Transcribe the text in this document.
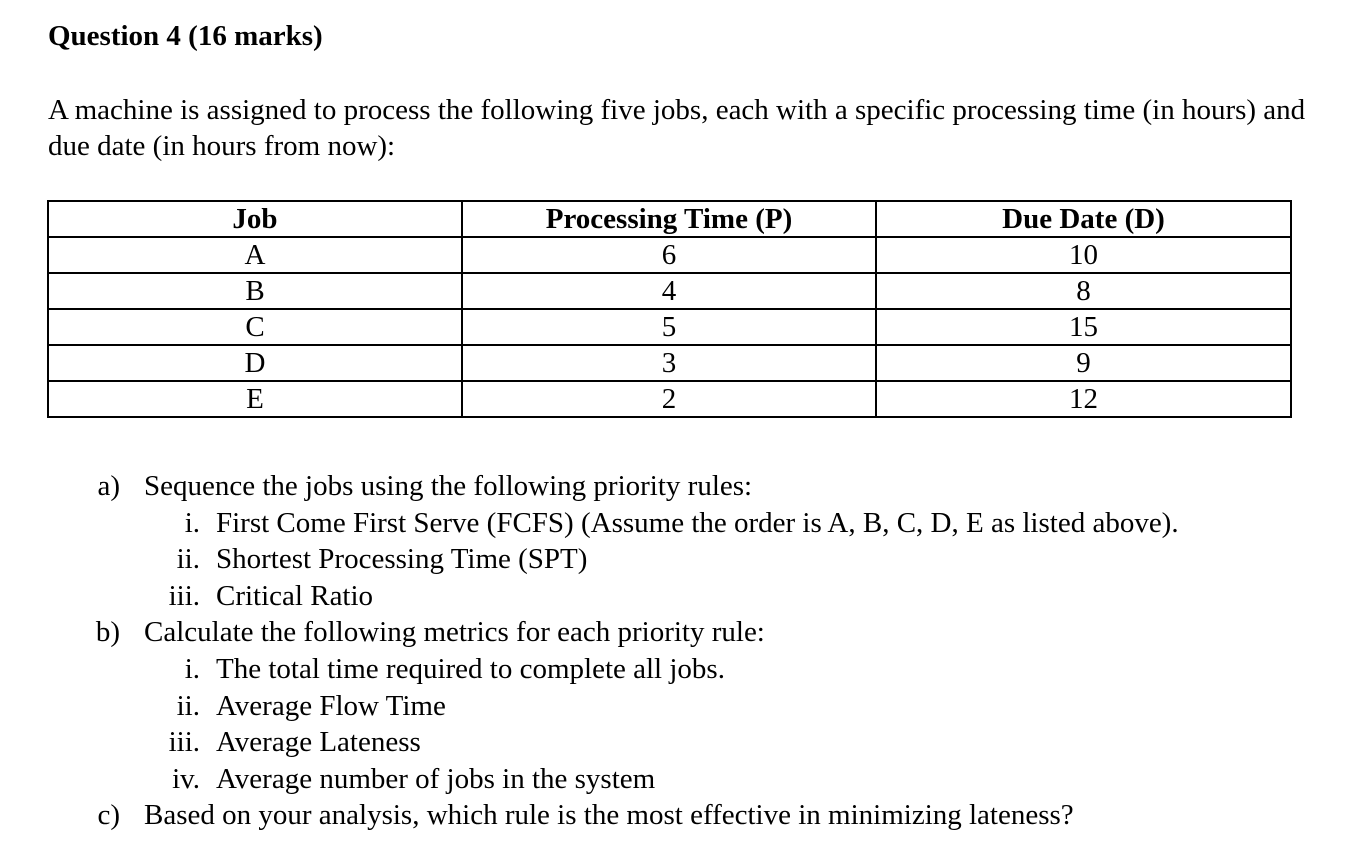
Question 4 (16 marks)
A machine is assigned to process the following five jobs, each with a specific processing time (in hours) and due date (in hours from now):
Job	Processing Time (P)	Due Date (D)
A	6	10
B	4	8
C	5	15
D	3	9
E	2	12
a) Sequence the jobs using the following priority rules:
i. First Come First Serve (FCFS) (Assume the order is A, B, C, D, E as listed above).
ii. Shortest Processing Time (SPT)
iii. Critical Ratio
b) Calculate the following metrics for each priority rule:
i. The total time required to complete all jobs.
ii. Average Flow Time
iii. Average Lateness
iv. Average number of jobs in the system
c) Based on your analysis, which rule is the most effective in minimizing lateness?
